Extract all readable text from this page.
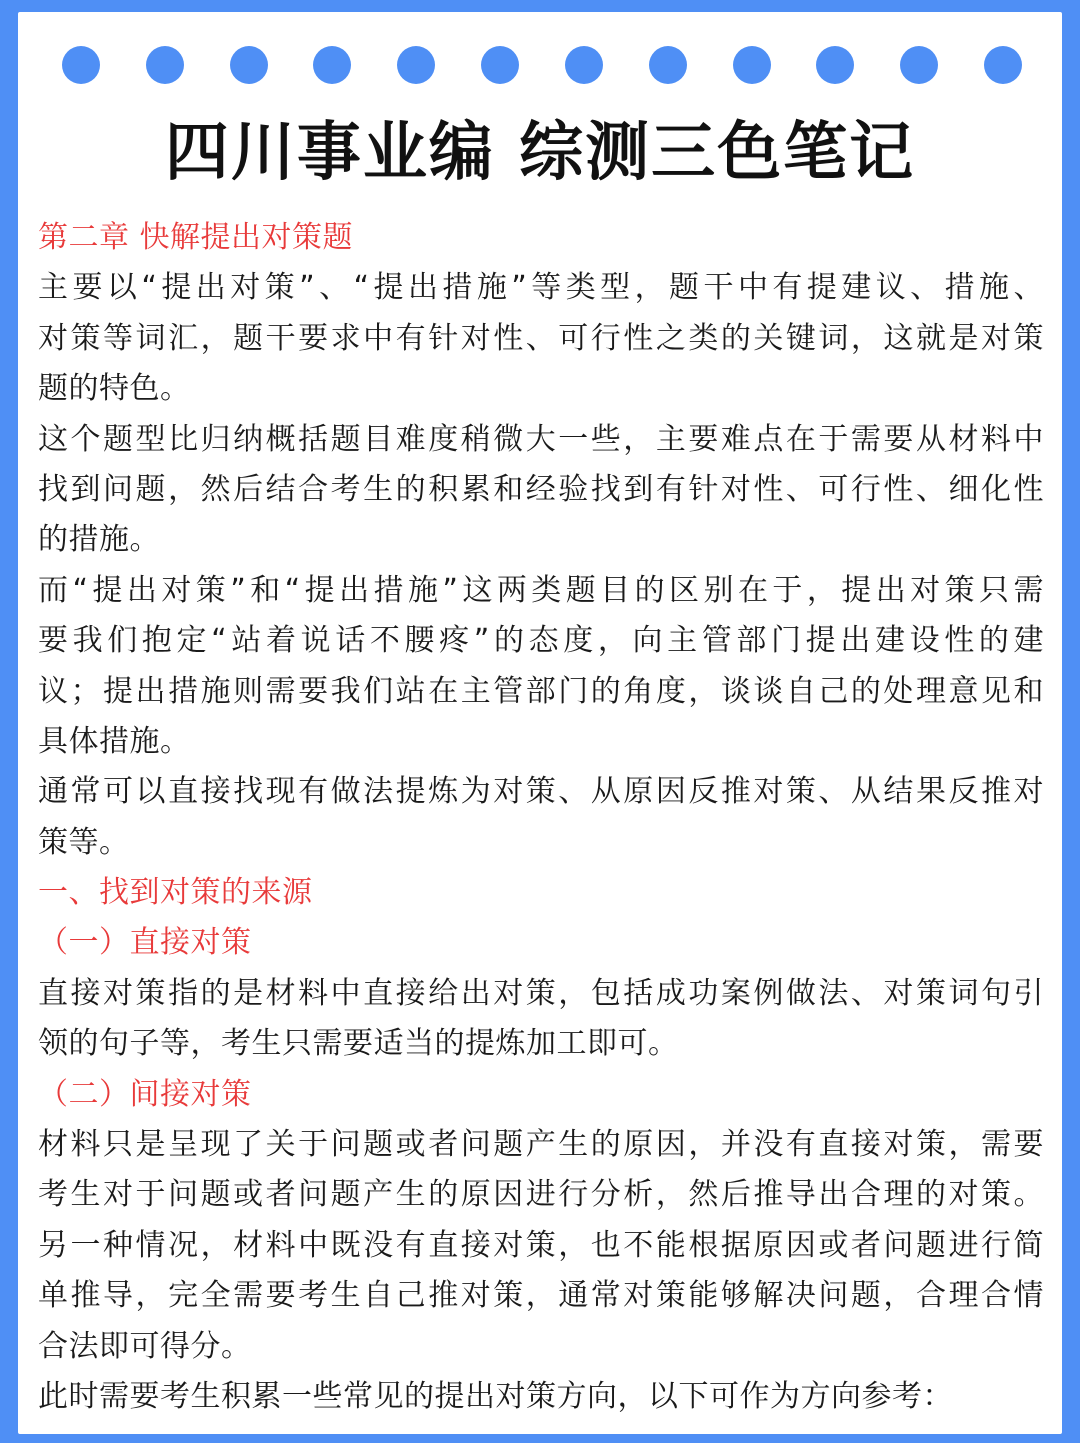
四川事业编 综测三色笔记
第二章 快解提出对策题
主要以“提出对策”、“提出措施”等类型，题干中有提建议、措施、
对策等词汇，题干要求中有针对性、可行性之类的关键词，这就是对策
题的特色。
这个题型比归纳概括题目难度稍微大一些，主要难点在于需要从材料中
找到问题，然后结合考生的积累和经验找到有针对性、可行性、细化性
的措施。
而“提出对策”和“提出措施”这两类题目的区别在于，提出对策只需
要我们抱定“站着说话不腰疼”的态度，向主管部门提出建设性的建
议；提出措施则需要我们站在主管部门的角度，谈谈自己的处理意见和
具体措施。
通常可以直接找现有做法提炼为对策、从原因反推对策、从结果反推对
策等。
一、找到对策的来源
（一）直接对策
直接对策指的是材料中直接给出对策，包括成功案例做法、对策词句引
领的句子等，考生只需要适当的提炼加工即可。
（二）间接对策
材料只是呈现了关于问题或者问题产生的原因，并没有直接对策，需要
考生对于问题或者问题产生的原因进行分析，然后推导出合理的对策。
另一种情况，材料中既没有直接对策，也不能根据原因或者问题进行简
单推导，完全需要考生自己推对策，通常对策能够解决问题，合理合情
合法即可得分。
此时需要考生积累一些常见的提出对策方向，以下可作为方向参考：
